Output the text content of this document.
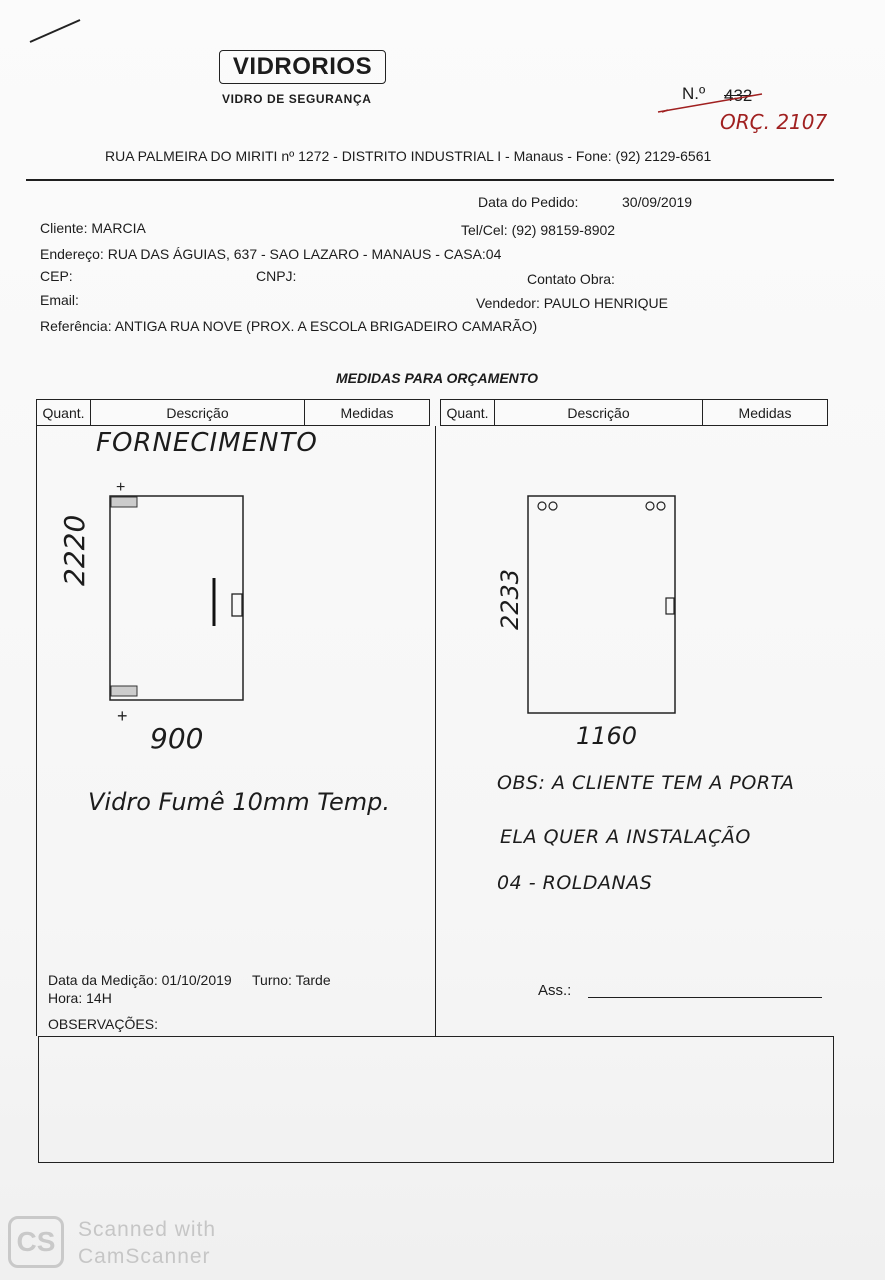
VIDRORIOS
VIDRO DE SEGURANÇA	N.º 432
ORÇ. 2107
RUA PALMEIRA DO MIRITI nº 1272 - DISTRITO INDUSTRIAL I - Manaus - Fone: (92) 2129-6561
Data do Pedido:	30/09/2019
Cliente: MARCIA	Tel/Cel: (92) 98159-8902
Endereço: RUA DAS ÁGUIAS, 637 - SAO LAZARO - MANAUS - CASA:04
CEP:	CNPJ:	Contato Obra:
Email:	Vendedor: PAULO HENRIQUE
Referência: ANTIGA RUA NOVE (PROX. A ESCOLA BRIGADEIRO CAMARÃO)
MEDIDAS PARA ORÇAMENTO
Quant.	Descrição	Medidas	Quant.	Descrição	Medidas
FORNECIMENTO
+
+
2220
900
Vidro Fumê 10mm Temp.
2233
1160
OBS: A CLIENTE TEM A PORTA
ELA QUER A INSTALAÇÃO
04 - ROLDANAS
Data da Medição: 01/10/2019 Turno: Tarde
Hora: 14H
OBSERVAÇÕES:
Ass.:
CS	Scanned with
CamScanner
